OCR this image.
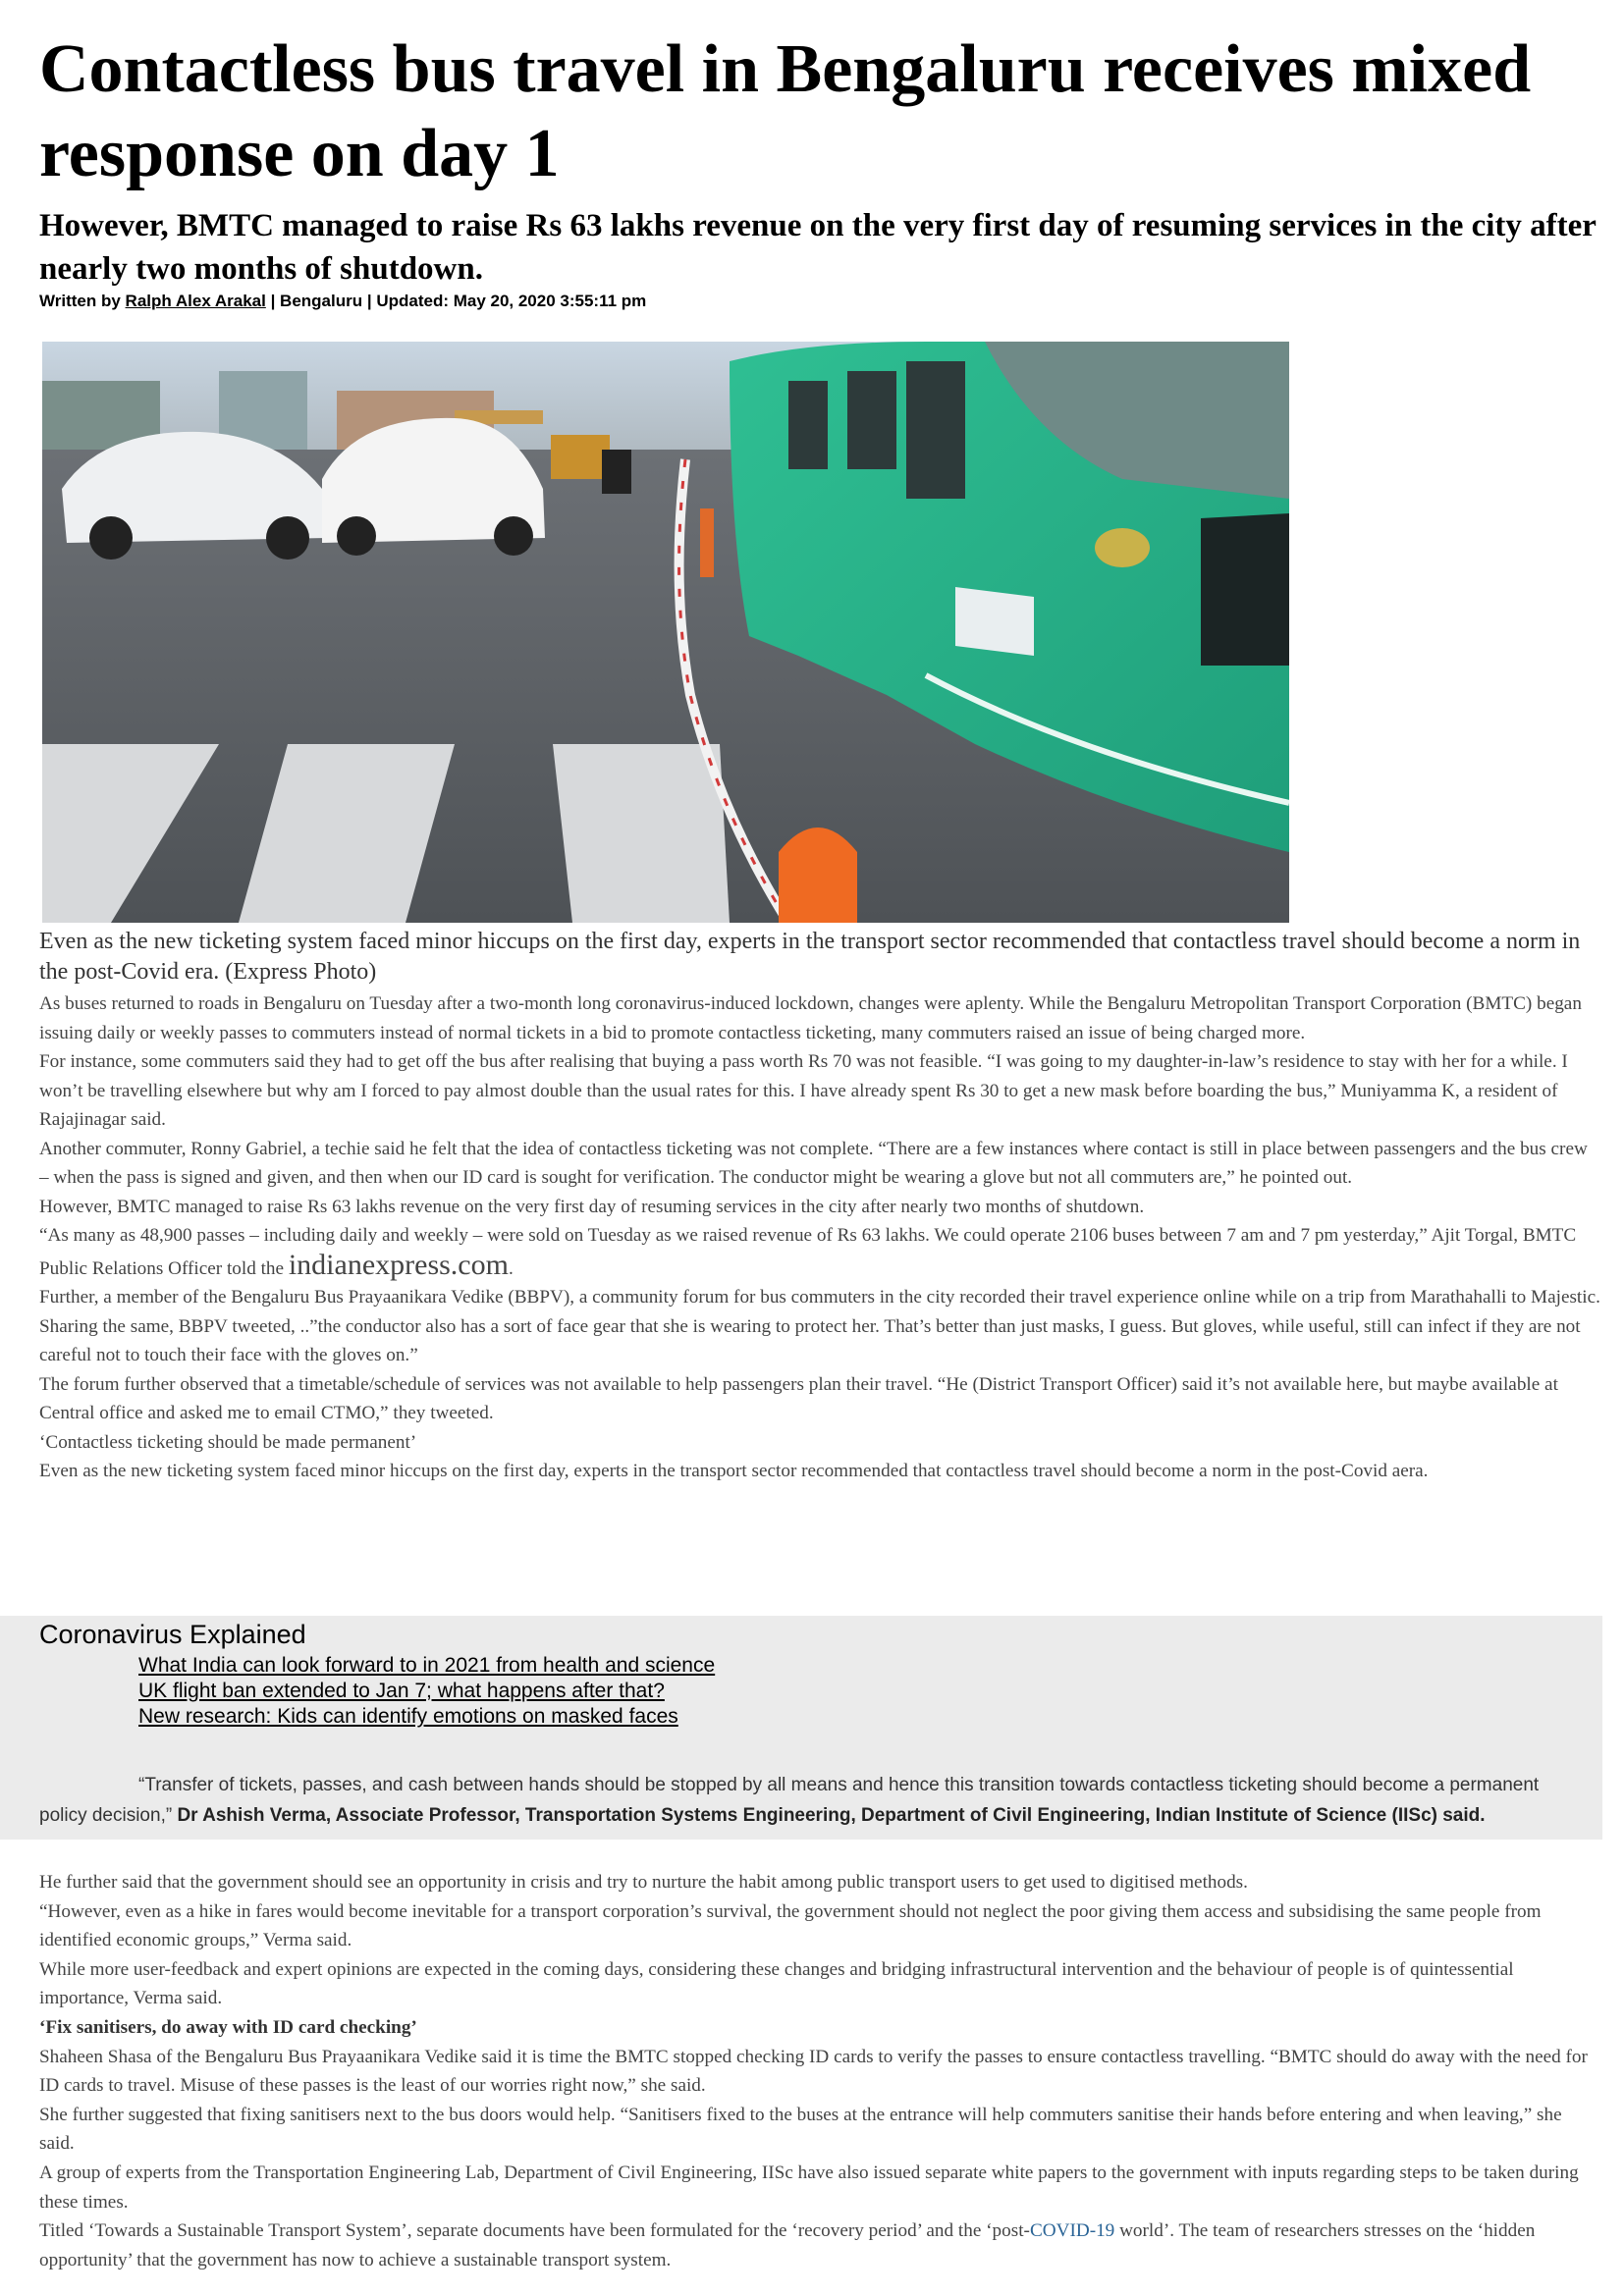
Contactless bus travel in Bengaluru receives mixed response on day 1
However, BMTC managed to raise Rs 63 lakhs revenue on the very first day of resuming services in the city after nearly two months of shutdown.

Written by Ralph Alex Arakal | Bengaluru | Updated: May 20, 2020 3:55:11 pm

Even as the new ticketing system faced minor hiccups on the first day, experts in the transport sector recommended that contactless travel should become a norm in the post-Covid era. (Express Photo)

As buses returned to roads in Bengaluru on Tuesday after a two-month long coronavirus-induced lockdown, changes were aplenty. While the Bengaluru Metropolitan Transport Corporation (BMTC) began issuing daily or weekly passes to commuters instead of normal tickets in a bid to promote contactless ticketing, many commuters raised an issue of being charged more.

For instance, some commuters said they had to get off the bus after realising that buying a pass worth Rs 70 was not feasible. “I was going to my daughter-in-law’s residence to stay with her for a while. I won’t be travelling elsewhere but why am I forced to pay almost double than the usual rates for this. I have already spent Rs 30 to get a new mask before boarding the bus,” Muniyamma K, a resident of Rajajinagar said.

Another commuter, Ronny Gabriel, a techie said he felt that the idea of contactless ticketing was not complete. “There are a few instances where contact is still in place between passengers and the bus crew – when the pass is signed and given, and then when our ID card is sought for verification. The conductor might be wearing a glove but not all commuters are,” he pointed out.

However, BMTC managed to raise Rs 63 lakhs revenue on the very first day of resuming services in the city after nearly two months of shutdown.

“As many as 48,900 passes – including daily and weekly – were sold on Tuesday as we raised revenue of Rs 63 lakhs. We could operate 2106 buses between 7 am and 7 pm yesterday,” Ajit Torgal, BMTC Public Relations Officer told the indianexpress.com.

Further, a member of the Bengaluru Bus Prayaanikara Vedike (BBPV), a community forum for bus commuters in the city recorded their travel experience online while on a trip from Marathahalli to Majestic.

Sharing the same, BBPV tweeted, ..”the conductor also has a sort of face gear that she is wearing to protect her. That’s better than just masks, I guess. But gloves, while useful, still can infect if they are not careful not to touch their face with the gloves on.”

The forum further observed that a timetable/schedule of services was not available to help passengers plan their travel. “He (District Transport Officer) said it’s not available here, but maybe available at Central office and asked me to email CTMO,” they tweeted.

‘Contactless ticketing should be made permanent’

Even as the new ticketing system faced minor hiccups on the first day, experts in the transport sector recommended that contactless travel should become a norm in the post-Covid aera.

Coronavirus Explained
What India can look forward to in 2021 from health and science
UK flight ban extended to Jan 7; what happens after that?
New research: Kids can identify emotions on masked faces

“Transfer of tickets, passes, and cash between hands should be stopped by all means and hence this transition towards contactless ticketing should become a permanent policy decision,” Dr Ashish Verma, Associate Professor, Transportation Systems Engineering, Department of Civil Engineering, Indian Institute of Science (IISc) said.

He further said that the government should see an opportunity in crisis and try to nurture the habit among public transport users to get used to digitised methods.

“However, even as a hike in fares would become inevitable for a transport corporation’s survival, the government should not neglect the poor giving them access and subsidising the same people from identified economic groups,” Verma said.

While more user-feedback and expert opinions are expected in the coming days, considering these changes and bridging infrastructural intervention and the behaviour of people is of quintessential importance, Verma said.

‘Fix sanitisers, do away with ID card checking’

Shaheen Shasa of the Bengaluru Bus Prayaanikara Vedike said it is time the BMTC stopped checking ID cards to verify the passes to ensure contactless travelling. “BMTC should do away with the need for ID cards to travel. Misuse of these passes is the least of our worries right now,” she said.

She further suggested that fixing sanitisers next to the bus doors would help. “Sanitisers fixed to the buses at the entrance will help commuters sanitise their hands before entering and when leaving,” she said.

A group of experts from the Transportation Engineering Lab, Department of Civil Engineering, IISc have also issued separate white papers to the government with inputs regarding steps to be taken during these times.

Titled ‘Towards a Sustainable Transport System’, separate documents have been formulated for the ‘recovery period’ and the ‘post-COVID-19 world’. The team of researchers stresses on the ‘hidden opportunity’ that the government has now to achieve a sustainable transport system.
